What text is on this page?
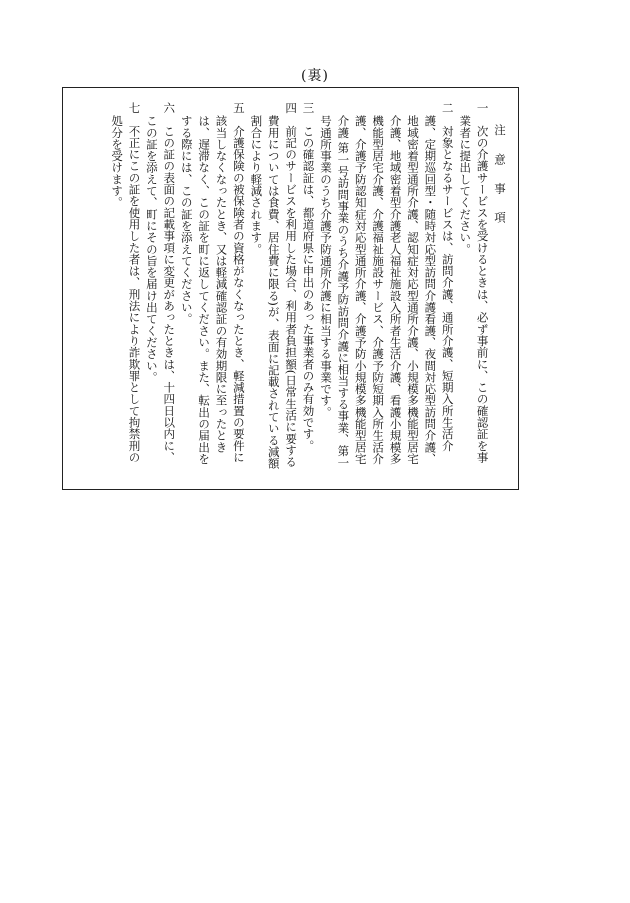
(裏)
注 意 事 項
一　次の介護サービスを受けるときは、必ず事前に、この確認証を事業者に提出してください。
二　対象となるサービスは、訪問介護、通所介護、短期入所生活介護、定期巡回型・随時対応型訪問介護看護、夜間対応型訪問介護、地域密着型通所介護、認知症対応型通所介護、小規模多機能型居宅介護、地域密着型介護老人福祉施設入所者生活介護、看護小規模多機能型居宅介護、介護福祉施設サービス、介護予防短期入所生活介護、介護予防認知症対応型通所介護、介護予防小規模多機能型居宅介護 第一号訪問事業のうち介護予防訪問介護に相当する事業、第一号通所事業のうち介護予防通所介護に相当する事業です。
三　この確認証は、都道府県に申出のあった事業者のみ有効です。
四　前記のサービスを利用した場合、利用者負担額(日常生活に要する費用については食費、居住費に限る)が、表面に記載されている減額割合により軽減されます。
五　介護保険の被保険者の資格がなくなったとき、軽減措置の要件に該当しなくなったとき、又は軽減確認証の有効期限に至ったときは、遅滞なく、この証を町に返してください。また、転出の届出をする際には、この証を添えてください。
六　この証の表面の記載事項に変更があったときは、十四日以内に、この証を添えて、町にその旨を届け出てください。
七　不正にこの証を使用した者は、刑法により詐欺罪として拘禁刑の処分を受けます。
